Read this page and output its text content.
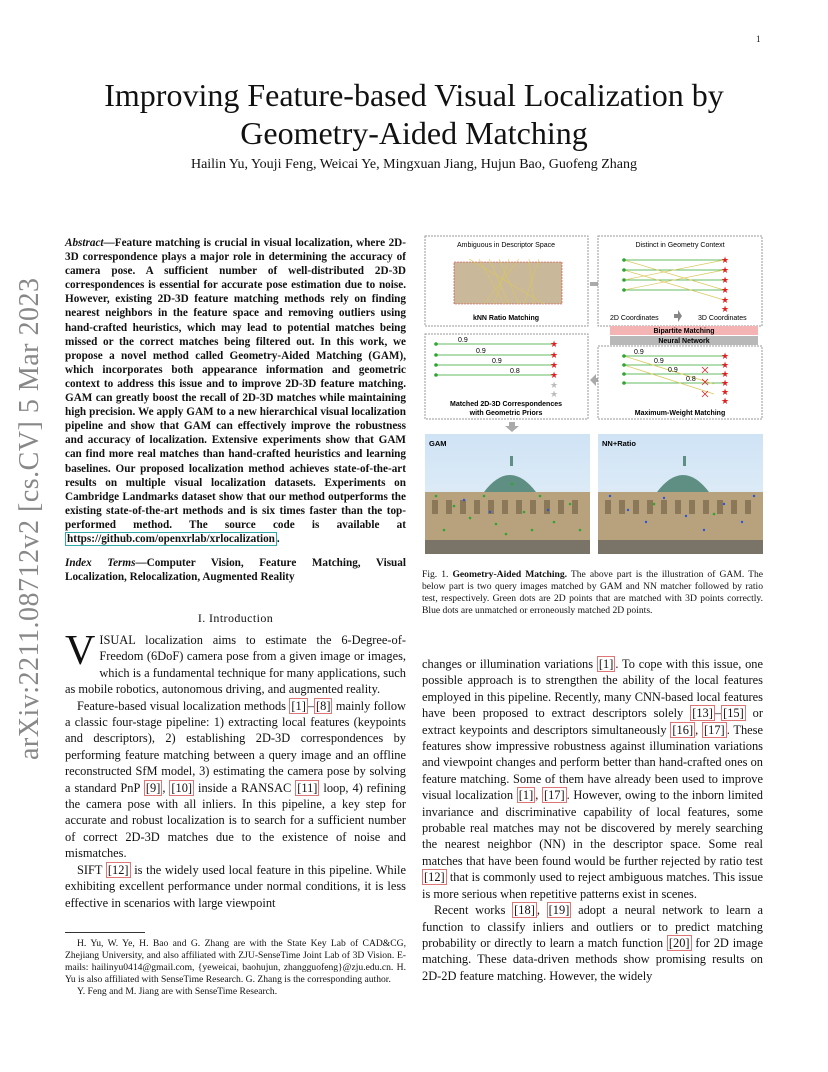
1
arXiv:2211.08712v2 [cs.CV] 5 Mar 2023
Improving Feature-based Visual Localization by Geometry-Aided Matching
Hailin Yu, Youji Feng, Weicai Ye, Mingxuan Jiang, Hujun Bao, Guofeng Zhang
Abstract—Feature matching is crucial in visual localization, where 2D-3D correspondence plays a major role in determining the accuracy of camera pose. A sufficient number of well-distributed 2D-3D correspondences is essential for accurate pose estimation due to noise. However, existing 2D-3D feature matching methods rely on finding nearest neighbors in the feature space and removing outliers using hand-crafted heuristics, which may lead to potential matches being missed or the correct matches being filtered out. In this work, we propose a novel method called Geometry-Aided Matching (GAM), which incorporates both appearance information and geometric context to address this issue and to improve 2D-3D feature matching. GAM can greatly boost the recall of 2D-3D matches while maintaining high precision. We apply GAM to a new hierarchical visual localization pipeline and show that GAM can effectively improve the robustness and accuracy of localization. Extensive experiments show that GAM can find more real matches than hand-crafted heuristics and learning baselines. Our proposed localization method achieves state-of-the-art results on multiple visual localization datasets. Experiments on Cambridge Landmarks dataset show that our method outperforms the existing state-of-the-art methods and is six times faster than the top-performed method. The source code is available at https://github.com/openxrlab/xrlocalization .
Index Terms—Computer Vision, Feature Matching, Visual Localization, Relocalization, Augmented Reality
I. Introduction

VISUAL localization aims to estimate the 6-Degree-of-Freedom (6DoF) camera pose from a given image or images, which is a fundamental technique for many applications, such as mobile robotics, autonomous driving, and augmented reality.

Feature-based visual localization methods [1] – [8] mainly follow a classic four-stage pipeline: 1) extracting local features (keypoints and descriptors), 2) establishing 2D-3D correspondences by performing feature matching between a query image and an offline reconstructed SfM model, 3) estimating the camera pose by solving a standard PnP [9] , [10] inside a RANSAC [11] loop, 4) refining the camera pose with all inliers. In this pipeline, a key step for accurate and robust localization is to search for a sufficient number of correct 2D-3D matches due to the existence of noise and mismatches.

SIFT [12] is the widely used local feature in this pipeline. While exhibiting excellent performance under normal conditions, it is less effective in scenarios with large viewpoint

H. Yu, W. Ye, H. Bao and G. Zhang are with the State Key Lab of CAD&CG, Zhejiang University, and also affiliated with ZJU-SenseTime Joint Lab of 3D Vision. E-mails: hailinyu0414@gmail.com, {yeweicai, baohujun, zhangguofeng}@zju.edu.cn. H. Yu is also affiliated with SenseTime Research. G. Zhang is the corresponding author.

Y. Feng and M. Jiang are with SenseTime Research.

Ambiguous in Descriptor Space
kNN Ratio Matching
Distinct in Geometry Context
★
★
★
★
★
★
2D Coordinates	3D Coordinates
Bipartite Matching
Neural Network
0.9
0.9
0.9
0.8
★
★
★
★
★
★
Matched 2D-3D Correspondences
with Geometric Priors
0.9
0.9
0.9
0.8
★
★
★
★
★
★
Maximum-Weight Matching
GAM	NN+Ratio
Fig. 1. Geometry-Aided Matching. The above part is the illustration of GAM. The below part is two query images matched by GAM and NN matcher followed by ratio test, respectively. Green dots are 2D points that are matched with 3D points correctly. Blue dots are unmatched or erroneously matched 2D points.

changes or illumination variations [1] . To cope with this issue, one possible approach is to strengthen the ability of the local features employed in this pipeline. Recently, many CNN-based local features have been proposed to extract descriptors solely [13] – [15] or extract keypoints and descriptors simultaneously [16] , [17] . These features show impressive robustness against illumination variations and viewpoint changes and perform better than hand-crafted ones on feature matching. Some of them have already been used to improve visual localization [1] , [17] . However, owing to the inborn limited invariance and discriminative capability of local features, some probable real matches may not be discovered by merely searching the nearest neighbor (NN) in the descriptor space. Some real matches that have been found would be further rejected by ratio test [12] that is commonly used to reject ambiguous matches. This issue is more serious when repetitive patterns exist in scenes.

Recent works [18] , [19] adopt a neural network to learn a function to classify inliers and outliers or to predict matching probability or directly to learn a match function [20] for 2D image matching. These data-driven methods show promising results on 2D-2D feature matching. However, the widely
